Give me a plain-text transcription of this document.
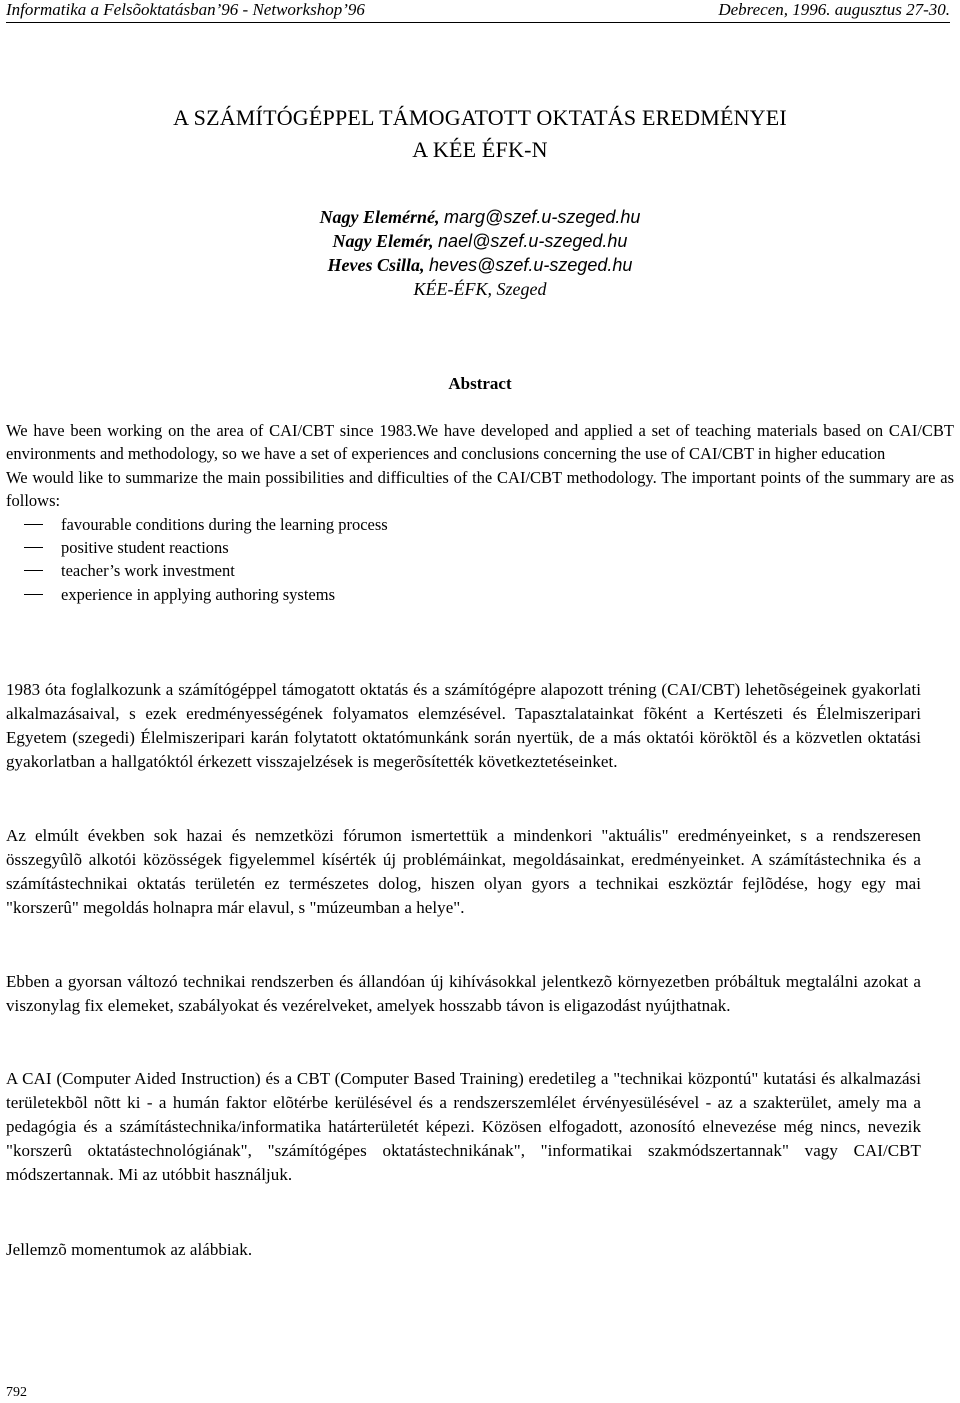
Informatika a Felsõoktatásban’96 - Networkshop’96	Debrecen, 1996. augusztus 27-30.
A SZÁMÍTÓGÉPPEL TÁMOGATOTT OKTATÁS EREDMÉNYEI
A KÉE ÉFK-N
Nagy Elemérné, marg@szef.u-szeged.hu
Nagy Elemér, nael@szef.u-szeged.hu
Heves Csilla, heves@szef.u-szeged.hu
KÉE-ÉFK, Szeged
Abstract

We have been working on the area of CAI/CBT since 1983.We have developed and applied a set of teaching materials based on CAI/CBT environments and methodology, so we have a set of experiences and conclusions concerning the use of CAI/CBT in higher education

We would like to summarize the main possibilities and difficulties of the CAI/CBT methodology. The important points of the summary are as follows:

favourable conditions during the learning process
positive student reactions
teacher’s work investment
experience in applying authoring systems

1983 óta foglalkozunk a számítógéppel támogatott oktatás és a számítógépre alapozott tréning (CAI/CBT) lehetõségeinek gyakorlati alkalmazásaival, s ezek eredményességének folyamatos elemzésével. Tapasztalatainkat fõként a Kertészeti és Élelmiszeripari Egyetem (szegedi) Élelmiszeripari karán folytatott oktatómunkánk során nyertük, de a más oktatói köröktõl és a közvetlen oktatási gyakorlatban a hallgatóktól érkezett visszajelzések is megerõsítették következtetéseinket.

Az elmúlt években sok hazai és nemzetközi fórumon ismertettük a mindenkori "aktuális" eredményeinket, s a rendszeresen összegyûlõ alkotói közösségek figyelemmel kísérték új problémáinkat, megoldásainkat, eredményeinket. A számítástechnika és a számítástechnikai oktatás területén ez természetes dolog, hiszen olyan gyors a technikai eszköztár fejlõdése, hogy egy mai "korszerû" megoldás holnapra már elavul, s "múzeumban a helye".

Ebben a gyorsan változó technikai rendszerben és állandóan új kihívásokkal jelentkezõ környezetben próbáltuk megtalálni azokat a viszonylag fix elemeket, szabályokat és vezérelveket, amelyek hosszabb távon is eligazodást nyújthatnak.

A CAI (Computer Aided Instruction) és a CBT (Computer Based Training) eredetileg a "technikai központú" kutatási és alkalmazási területekbõl nõtt ki - a humán faktor elõtérbe kerülésével és a rendszerszemlélet érvényesülésével - az a szakterület, amely ma a pedagógia és a számítástechnika/informatika határterületét képezi. Közösen elfogadott, azonosító elnevezése még nincs, nevezik "korszerû oktatástechnológiának", "számítógépes oktatástechnikának", "informatikai szakmódszertannak" vagy CAI/CBT módszertannak. Mi az utóbbit használjuk.

Jellemzõ momentumok az alábbiak.

792
